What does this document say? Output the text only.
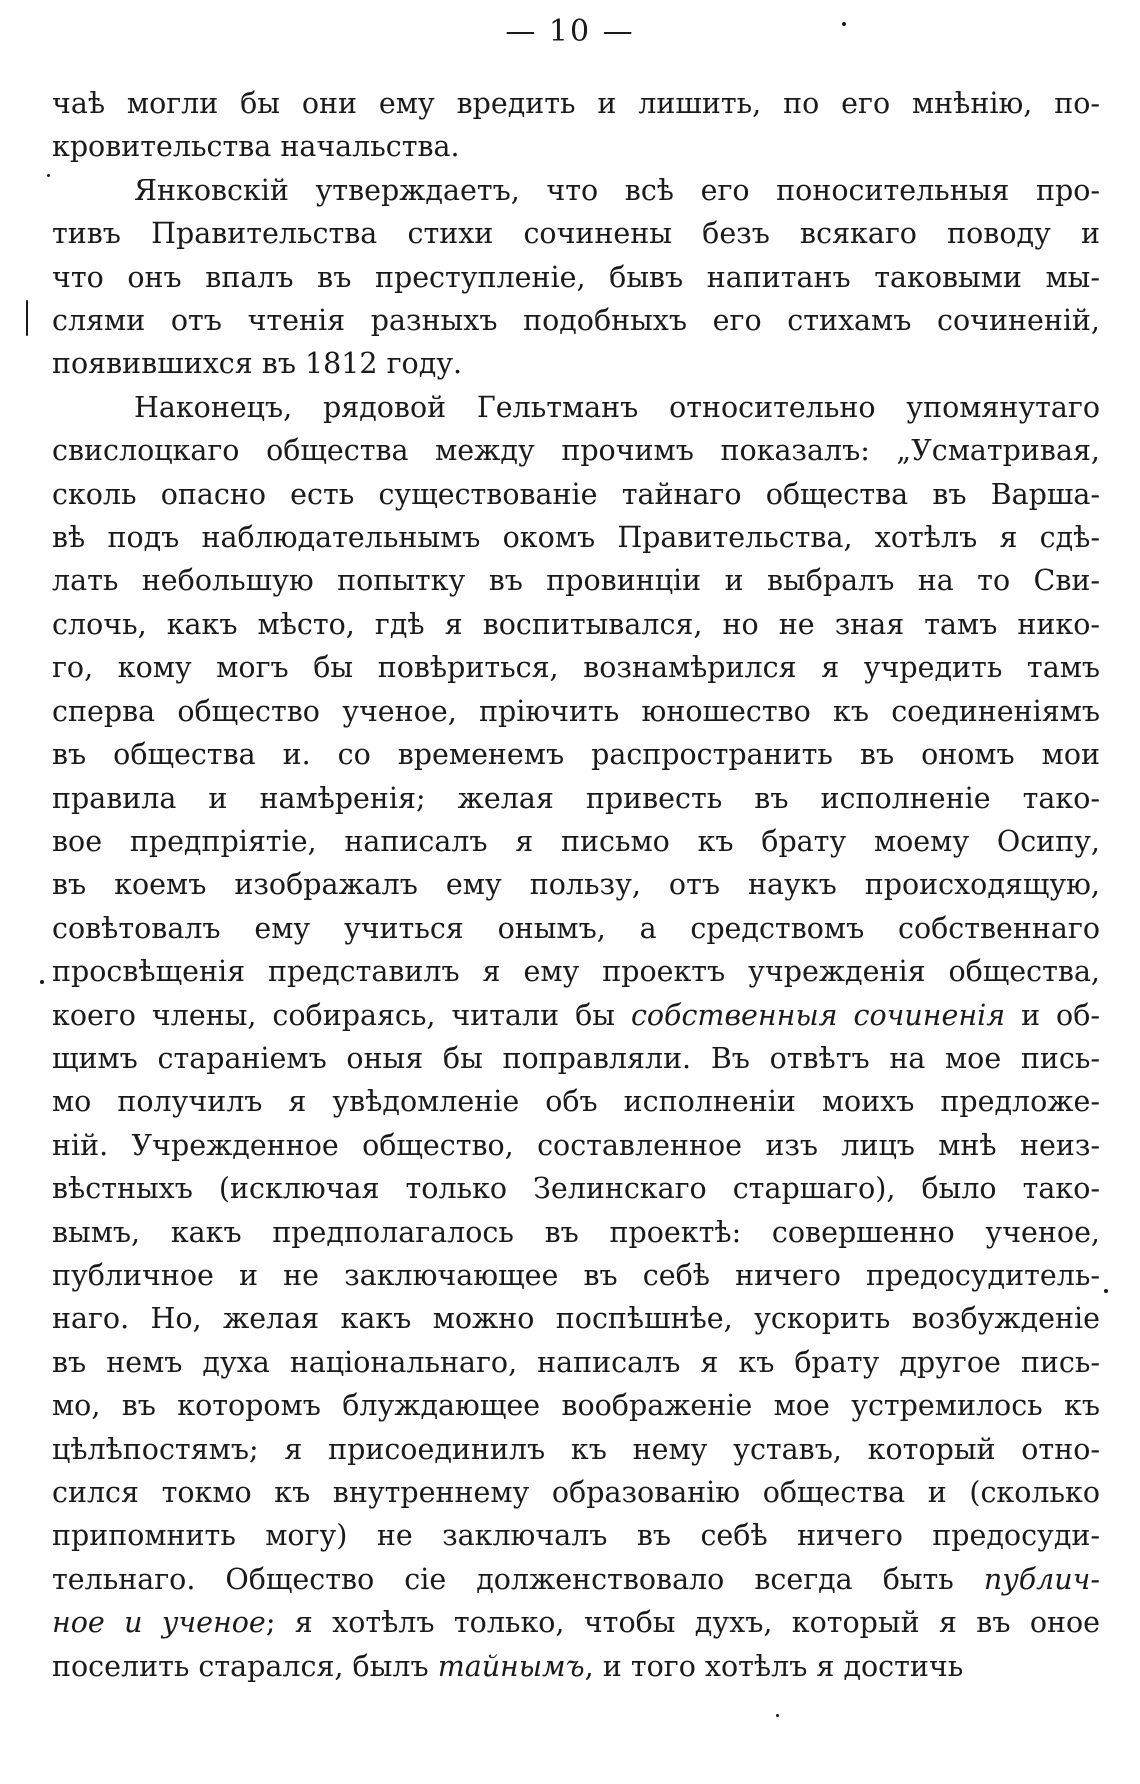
— 10 —
чаѣ могли бы они ему вредить и лишить, по его мнѣнію, по-
кровительства начальства.
Янковскій утверждаетъ, что всѣ его поносительныя про-
тивъ Правительства стихи сочинены безъ всякаго поводу и
что онъ впалъ въ преступленіе, бывъ напитанъ таковыми мы-
слями отъ чтенія разныхъ подобныхъ его стихамъ сочиненій,
появившихся въ 1812 году.
Наконецъ, рядовой Гельтманъ относительно упомянутаго
свислоцкаго общества между прочимъ показалъ: „Усматривая,
сколь опасно есть существованіе тайнаго общества въ Варша-
вѣ подъ наблюдательнымъ окомъ Правительства, хотѣлъ я сдѣ-
лать небольшую попытку въ провинціи и выбралъ на то Сви-
слочь, какъ мѣсто, гдѣ я воспитывался, но не зная тамъ нико-
го, кому могъ бы повѣриться, вознамѣрился я учредить тамъ
сперва общество ученое, пріючить юношество къ соединеніямъ
въ общества и. со временемъ распространить въ ономъ мои
правила и намѣренія; желая привесть въ исполненіе тако-
вое предпріятіе, написалъ я письмо къ брату моему Осипу,
въ коемъ изображалъ ему пользу, отъ наукъ происходящую,
совѣтовалъ ему учиться онымъ, а средствомъ собственнаго
просвѣщенія представилъ я ему проектъ учрежденія общества,
коего члены, собираясь, читали бы собственныя сочиненія и об-
щимъ стараніемъ оныя бы поправляли. Въ отвѣтъ на мое пись-
мо получилъ я увѣдомленіе объ исполненіи моихъ предложе-
ній. Учрежденное общество, составленное изъ лицъ мнѣ неиз-
вѣстныхъ (исключая только Зелинскаго старшаго), было тако-
вымъ, какъ предполагалось въ проектѣ: совершенно ученое,
публичное и не заключающее въ себѣ ничего предосудитель-
наго. Но, желая какъ можно поспѣшнѣе, ускорить возбужденіе
въ немъ духа національнаго, написалъ я къ брату другое пись-
мо, въ которомъ блуждающее воображеніе мое устремилось къ
цѣлѣпостямъ; я присоединилъ къ нему уставъ, который отно-
сился токмо къ внутреннему образованію общества и (сколько
припомнить могу) не заключалъ въ себѣ ничего предосуди-
тельнаго. Общество сіе долженствовало всегда быть публич-
ное и ученое; я хотѣлъ только, чтобы духъ, который я въ оное
поселить старался, былъ тайнымъ, и того хотѣлъ я достичь
